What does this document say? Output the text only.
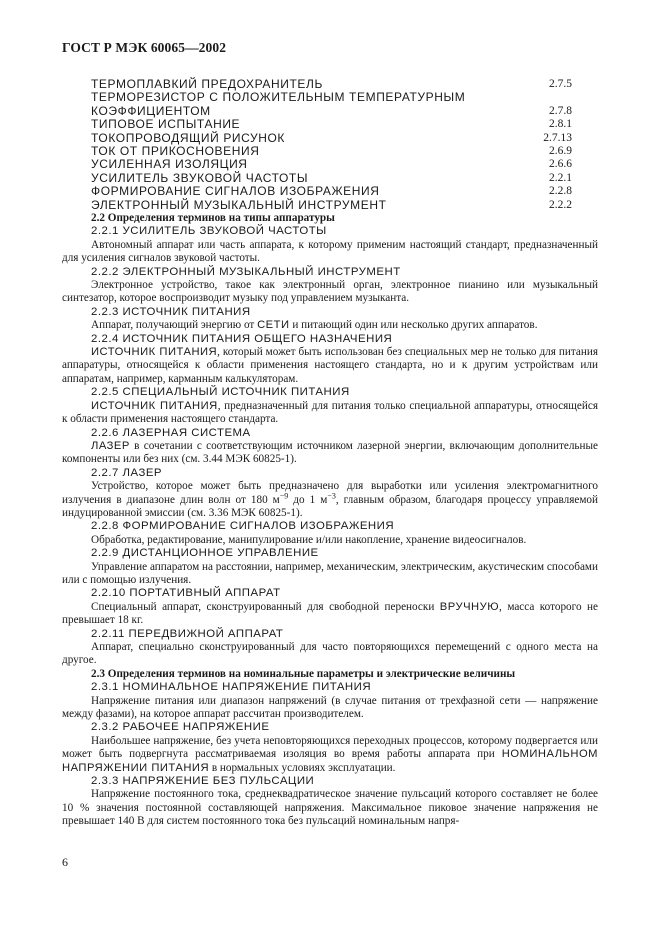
ГОСТ Р МЭК 60065—2002
ТЕРМОПЛАВКИЙ ПРЕДОХРАНИТЕЛЬ	2.7.5
ТЕРМОРЕЗИСТОР С ПОЛОЖИТЕЛЬНЫМ ТЕМПЕРАТУРНЫМ
КОЭФФИЦИЕНТОМ	2.7.8
ТИПОВОЕ ИСПЫТАНИЕ	2.8.1
ТОКОПРОВОДЯЩИЙ РИСУНОК	2.7.13
ТОК ОТ ПРИКОСНОВЕНИЯ	2.6.9
УСИЛЕННАЯ ИЗОЛЯЦИЯ	2.6.6
УСИЛИТЕЛЬ ЗВУКОВОЙ ЧАСТОТЫ	2.2.1
ФОРМИРОВАНИЕ СИГНАЛОВ ИЗОБРАЖЕНИЯ	2.2.8
ЭЛЕКТРОННЫЙ МУЗЫКАЛЬНЫЙ ИНСТРУМЕНТ	2.2.2

2.2 Определения терминов на типы аппаратуры

2.2.1 УСИЛИТЕЛЬ ЗВУКОВОЙ ЧАСТОТЫ

Автономный аппарат или часть аппарата, к которому применим настоящий стандарт, предназначенный для усиления сигналов звуковой частоты.

2.2.2 ЭЛЕКТРОННЫЙ МУЗЫКАЛЬНЫЙ ИНСТРУМЕНТ

Электронное устройство, такое как электронный орган, электронное пианино или музыкальный синтезатор, которое воспроизводит музыку под управлением музыканта.

2.2.3 ИСТОЧНИК ПИТАНИЯ

Аппарат, получающий энергию от СЕТИ и питающий один или несколько других аппаратов.

2.2.4 ИСТОЧНИК ПИТАНИЯ ОБЩЕГО НАЗНАЧЕНИЯ

ИСТОЧНИК ПИТАНИЯ, который может быть использован без специальных мер не только для питания аппаратуры, относящейся к области применения настоящего стандарта, но и к другим устройствам или аппаратам, например, карманным калькуляторам.

2.2.5 СПЕЦИАЛЬНЫЙ ИСТОЧНИК ПИТАНИЯ

ИСТОЧНИК ПИТАНИЯ, предназначенный для питания только специальной аппаратуры, относящейся к области применения настоящего стандарта.

2.2.6 ЛАЗЕРНАЯ СИСТЕМА

ЛАЗЕР в сочетании с соответствующим источником лазерной энергии, включающим дополнительные компоненты или без них (см. 3.44 МЭК 60825-1).

2.2.7 ЛАЗЕР

Устройство, которое может быть предназначено для выработки или усиления электромагнитного излучения в диапазоне длин волн от 180 $м^{-9}$ до 1 $м^{-3}$, главным образом, благодаря процессу управляемой индуцированной эмиссии (см. 3.36 МЭК 60825-1).

2.2.8 ФОРМИРОВАНИЕ СИГНАЛОВ ИЗОБРАЖЕНИЯ

Обработка, редактирование, манипулирование и/или накопление, хранение видеосигналов.

2.2.9 ДИСТАНЦИОННОЕ УПРАВЛЕНИЕ

Управление аппаратом на расстоянии, например, механическим, электрическим, акустическим способами или с помощью излучения.

2.2.10 ПОРТАТИВНЫЙ АППАРАТ

Специальный аппарат, сконструированный для свободной переноски ВРУЧНУЮ, масса которого не превышает 18 кг.

2.2.11 ПЕРЕДВИЖНОЙ АППАРАТ

Аппарат, специально сконструированный для часто повторяющихся перемещений с одного места на другое.

2.3 Определения терминов на номинальные параметры и электрические величины

2.3.1 НОМИНАЛЬНОЕ НАПРЯЖЕНИЕ ПИТАНИЯ

Напряжение питания или диапазон напряжений (в случае питания от трехфазной сети — напряжение между фазами), на которое аппарат рассчитан производителем.

2.3.2 РАБОЧЕЕ НАПРЯЖЕНИЕ

Наибольшее напряжение, без учета неповторяющихся переходных процессов, которому подвергается или может быть подвергнута рассматриваемая изоляция во время работы аппарата при НОМИНАЛЬНОМ НАПРЯЖЕНИИ ПИТАНИЯ в нормальных условиях эксплуатации.

2.3.3 НАПРЯЖЕНИЕ БЕЗ ПУЛЬСАЦИИ

Напряжение постоянного тока, среднеквадратическое значение пульсаций которого составляет не более 10 % значения постоянной составляющей напряжения. Максимальное пиковое значение напряжения не превышает 140 В для систем постоянного тока без пульсаций номинальным напря-

6
